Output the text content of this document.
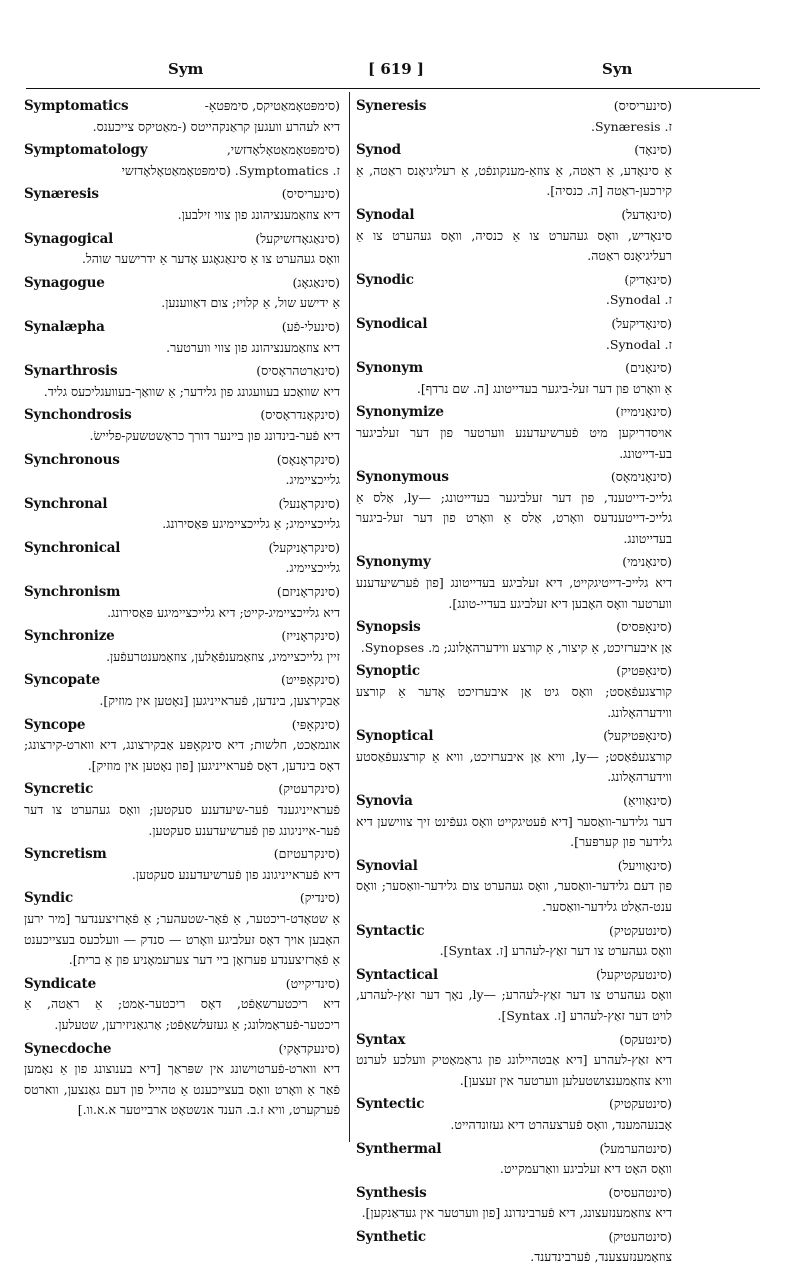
Sym	[ 619 ]	Syn
Symptomatics	(סימפּטאָמאַטיקס, סימפּטאָ-
דיא לעהרע וועגען קראַנקהייטס (-מאַטיקס צייכענס.
Symptomatology	(סימפּטאָמאַטאָלאָדזשי,
ז. Symptomatics. (סימפּטאָמאַטאָלאָדזשי
Synæresis	(סינעריסיס)
דיא צוזאַמענציהונג פון צווי זילבען.
Synagogical	(סינאַגאָדזשיקעל)
וואָס געהערט צו אַ סינאַגאָגע אָדער אַ ידרישער שוהל.
Synagogue	(סינאַגאָג)
אַ ידישע שול, אַ קלויז; צום דאַווענען.
Synalæpha	(סינעלי-פֿע)
דיא צוזאַמענציהונג פון צווי ווערטער.
Synarthrosis	(סינאַרטהראָסיס)
דיא שוואַכע בעוועגונג פון גלידער; אַ שוואַך-בעוועגליכעס גליד.
Synchondrosis	(סינקאָנדראָסיס)
דיא פֿער-בינדונג פון ביינער דורך כראַשטשעק-פליישׂ.
Synchronous	(סינקראָנאָס)
גלייכציימיג.
Synchronal	(סינקראָנעל)
גלייכציימיג; אַ גלייכציימיגע פּאַסירונג.
Synchronical	(סינקראָניקעל)
גלייכציימיג.
Synchronism	(סינקראָניזם)
דיא גלייכציימיג-קייט; דיא גלייכציימיגע פּאַסירונג.
Synchronize	(סינקראָנייז)
זיין גלייכציימיג, צוזאַמענפֿאַלען, צוזאַמענטרעפֿען.
Syncopate	(סינקאָפּייט)
אַבקירצען, בינדען, פֿעראייניגען [נאָטען אין מוזיק].
Syncope	(סינקאָפּי)
אונמאַכט, חלשות; דיא סינקאָפּע אַבקירצונג, דיא ווארט-קירצונג; דאָס בינדען, דאָס פֿעראייניגען [פון נאָטען אין מוזיק].
Syncretic	(סינקרעטיק)
פֿעראייניגענד פֿער-שיעדענע סעקטען; וואָס געהערט צו דער פֿער-אייניגונג פון פֿערשיעדענע סעקטען.
Syncretism	(סינקרעטיזם)
דיא פֿעראייניגונג פון פֿערשיעדענע סעקטען.
Syndic	(סינדיק)
אַ שטאָדט-ריכטער, אַ פֿאָר-שטעהער; אַ פֿאָרזיצענדער [מיר ירען האָבען אויך דאָס זעלביגע וואָרט — סנדק — וועלכעס בעצייכענט אַ פֿאָרזיצענדע פערזאָן ביי דער צערעמאָניע פון אַ ברית].
Syndicate	(סינדיקייט)
דיא ריכטערשאַפֿט, דאָס ריכטער-אַמט; אַ ראַטה, אַ ריכטער-פֿעראַמלונג; אַ געזעלשאַפֿט; אַרגאַניזירען, שטעלען.
Synecdoche	(סינעקדאָקי)
דיא ווארט-פֿערטוישונג אין שפּראַך [דיא בענוצונג פון אַ נאָמען פֿאַר אַ וואָרט וואָס בעצייכענט אַ טהייל פון דעם גאַנצען, ווארטס פֿערקערט, וויא ז.ב. הענד אנשטאָט ארבייטער א.א.וו.]
Syneresis	(סינעריסיס)
ז. Synæresis.
Synod	(סינאָד)
אַ סינאָדע, אַ ראַטה, אַ צוזאַ-מענקונפֿט, אַ רעליגיאָנס ראַטה, אַ קירכען-ראַטה [ה. כנסיה].
Synodal	(סינאָדעל)
סינאָדיש, וואָס געהערט צו אַ כנסיה, וואָס געהערט צו אַ רעליגיאָנס ראַטה.
Synodic	(סינאָדיק)
ז. Synodal.
Synodical	(סינאָדיקעל)
ז. Synodal.
Synonym	(סינאָנים)
אַ וואָרט פון דער זעל-ביגער בעדייטונג [ה. שם נרדף].
Synonymize	(סינאָנימייז)
אויסדריקען מיט פֿערשיעדענע ווערטער פון דער זעלביגער בע-דייטונג.
Synonymous	(סינאָנימאָס)
גלייכ-דייטענד, פון דער זעלביגער בעדייטונג; —ly, אַלס אַ גלייכ-דייטענדעס וואָרט, אַלס אַ וואָרט פון דער זעל-ביגער בעדייטונג.
Synonymy	(סינאָנימי)
דיא גלייכ-דייטיגקייט, דיא זעלביגע בעדייטונג [פון פֿערשיעדענע ווערטער וואָס האָבען דיא זעלביגע בעדיי-טונג].
Synopsis	(סינאָפּסיס)
אַן איבערזיכט, אַ קיצור, אַ קורצע ווידערהאָלונג; מ. Synopses.
Synoptic	(סינאָפּטיק)
קורצגעפֿאַסט; וואָס גיט אַן איבערזיכט אָדער אַ קורצע ווידערהאָלונג.
Synoptical	(סינאָפּטיקעל)
קורצגעפֿאַסט; —ly, וויא אַן איבערזיכט, וויא אַ קורצגעפֿאַסטע ווידערהאָלונג.
Synovia	(סינאָוויאַ)
דער גלידער-וואַסער [דיא פֿעטיגקייט וואָס געפֿינט זיך צווישען דיא גלידער פון קערפּער].
Synovial	(סינאָוויעל)
פון דעם גלידער-וואַסער, וואָס געהערט צום גלידער-וואַסער; וואָס ענט-האַלט גלידער-וואַסער.
Syntactic	(סינטעקטיק)
וואָס געהערט צו דער זאַץ-לעהרע [ז. Syntax].
Syntactical	(סינטעקטיקעל)
וואָס געהערט צו דער זאַץ-לעהרע; —ly, נאָך דער זאַץ-לעהרע, לויט דער זאַץ-לעהרע [ז. Syntax].
Syntax	(סינטעקס)
דיא זאַץ-לעהרע [דיא אַבטהיילונג פון גראַמאַטיק וועלכע לערנט וויא צוזאַמענצושטעלען ווערטער אין זעצען].
Syntectic	(סינטעקטיק)
אָבנעהמענד, וואָס פֿערצעהרט דיא געזונדהייט.
Synthermal	(סינטהערמעל)
וואָס האָט דיא זעלביגע וואַרעמקייט.
Synthesis	(סינטהעסיס)
דיא צוזאַמענזעצונג, דיא פֿערבינדונג [פון ווערטער אין געדאַנקען].
Synthetic	(סינטהעטיק)
צוזאַמענזעצענד, פֿערבינדענד.
